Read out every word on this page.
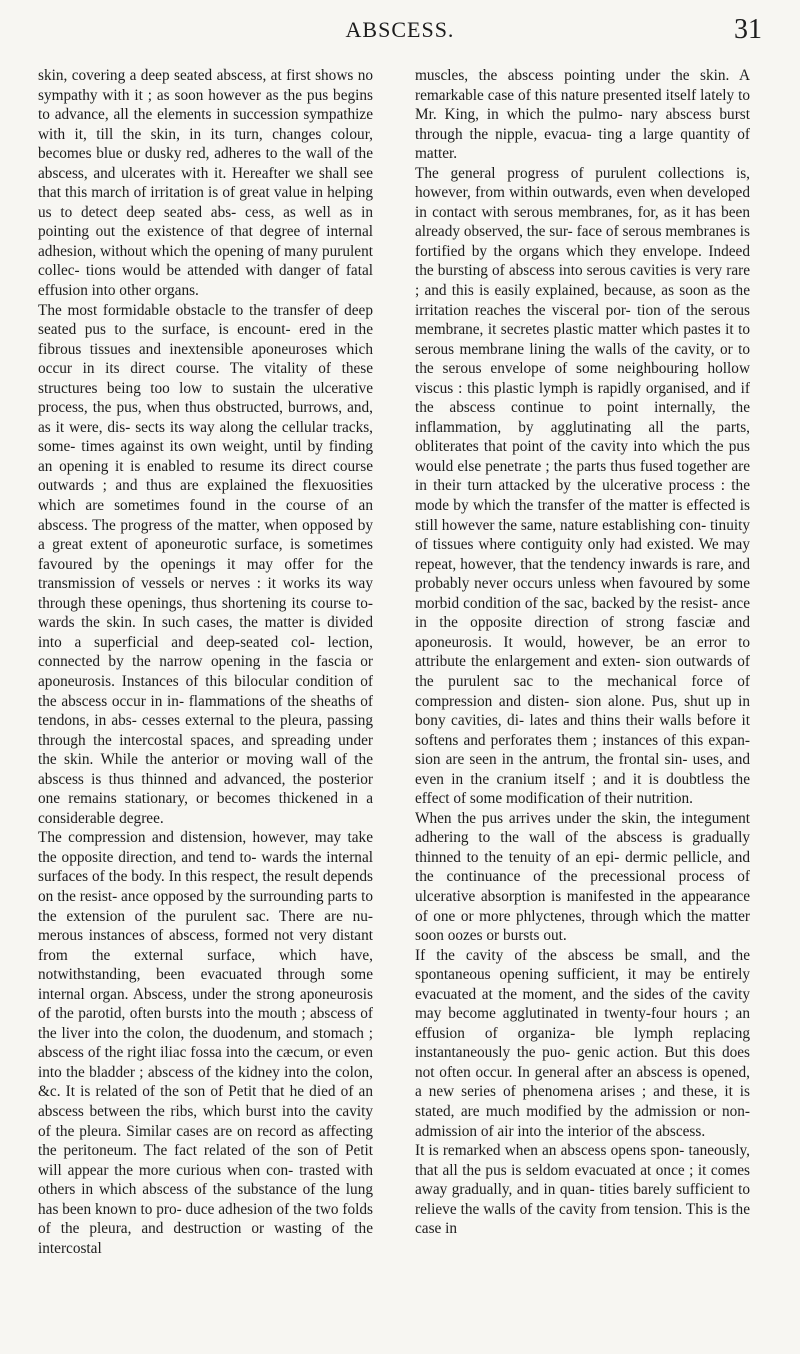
ABSCESS.	31

skin, covering a deep seated abscess, at first shows no sympathy with it ; as soon however as the pus begins to advance, all the elements in succession sympathize with it, till the skin, in its turn, changes colour, becomes blue or dusky red, adheres to the wall of the abscess, and ulcerates with it. Hereafter we shall see that this march of irritation is of great value in helping us to detect deep seated abs- cess, as well as in pointing out the existence of that degree of internal adhesion, without which the opening of many purulent collec- tions would be attended with danger of fatal effusion into other organs.

The most formidable obstacle to the transfer of deep seated pus to the surface, is encount- ered in the fibrous tissues and inextensible aponeuroses which occur in its direct course. The vitality of these structures being too low to sustain the ulcerative process, the pus, when thus obstructed, burrows, and, as it were, dis- sects its way along the cellular tracks, some- times against its own weight, until by finding an opening it is enabled to resume its direct course outwards ; and thus are explained the flexuosities which are sometimes found in the course of an abscess. The progress of the matter, when opposed by a great extent of aponeurotic surface, is sometimes favoured by the openings it may offer for the transmission of vessels or nerves : it works its way through these openings, thus shortening its course to- wards the skin. In such cases, the matter is divided into a superficial and deep-seated col- lection, connected by the narrow opening in the fascia or aponeurosis. Instances of this bilocular condition of the abscess occur in in- flammations of the sheaths of tendons, in abs- cesses external to the pleura, passing through the intercostal spaces, and spreading under the skin. While the anterior or moving wall of the abscess is thus thinned and advanced, the posterior one remains stationary, or becomes thickened in a considerable degree.

The compression and distension, however, may take the opposite direction, and tend to- wards the internal surfaces of the body. In this respect, the result depends on the resist- ance opposed by the surrounding parts to the extension of the purulent sac. There are nu- merous instances of abscess, formed not very distant from the external surface, which have, notwithstanding, been evacuated through some internal organ. Abscess, under the strong aponeurosis of the parotid, often bursts into the mouth ; abscess of the liver into the colon, the duodenum, and stomach ; abscess of the right iliac fossa into the cæcum, or even into the bladder ; abscess of the kidney into the colon, &c. It is related of the son of Petit that he died of an abscess between the ribs, which burst into the cavity of the pleura. Similar cases are on record as affecting the peritoneum. The fact related of the son of Petit will appear the more curious when con- trasted with others in which abscess of the substance of the lung has been known to pro- duce adhesion of the two folds of the pleura, and destruction or wasting of the intercostal

muscles, the abscess pointing under the skin. A remarkable case of this nature presented itself lately to Mr. King, in which the pulmo- nary abscess burst through the nipple, evacua- ting a large quantity of matter.

The general progress of purulent collections is, however, from within outwards, even when developed in contact with serous membranes, for, as it has been already observed, the sur- face of serous membranes is fortified by the organs which they envelope. Indeed the bursting of abscess into serous cavities is very rare ; and this is easily explained, because, as soon as the irritation reaches the visceral por- tion of the serous membrane, it secretes plastic matter which pastes it to serous membrane lining the walls of the cavity, or to the serous envelope of some neighbouring hollow viscus : this plastic lymph is rapidly organised, and if the abscess continue to point internally, the inflammation, by agglutinating all the parts, obliterates that point of the cavity into which the pus would else penetrate ; the parts thus fused together are in their turn attacked by the ulcerative process : the mode by which the transfer of the matter is effected is still however the same, nature establishing con- tinuity of tissues where contiguity only had existed. We may repeat, however, that the tendency inwards is rare, and probably never occurs unless when favoured by some morbid condition of the sac, backed by the resist- ance in the opposite direction of strong fasciæ and aponeurosis. It would, however, be an error to attribute the enlargement and exten- sion outwards of the purulent sac to the mechanical force of compression and disten- sion alone. Pus, shut up in bony cavities, di- lates and thins their walls before it softens and perforates them ; instances of this expan- sion are seen in the antrum, the frontal sin- uses, and even in the cranium itself ; and it is doubtless the effect of some modification of their nutrition.

When the pus arrives under the skin, the integument adhering to the wall of the abscess is gradually thinned to the tenuity of an epi- dermic pellicle, and the continuance of the precessional process of ulcerative absorption is manifested in the appearance of one or more phlyctenes, through which the matter soon oozes or bursts out.

If the cavity of the abscess be small, and the spontaneous opening sufficient, it may be entirely evacuated at the moment, and the sides of the cavity may become agglutinated in twenty-four hours ; an effusion of organiza- ble lymph replacing instantaneously the puo- genic action. But this does not often occur. In general after an abscess is opened, a new series of phenomena arises ; and these, it is stated, are much modified by the admission or non-admission of air into the interior of the abscess.

It is remarked when an abscess opens spon- taneously, that all the pus is seldom evacuated at once ; it comes away gradually, and in quan- tities barely sufficient to relieve the walls of the cavity from tension. This is the case in
